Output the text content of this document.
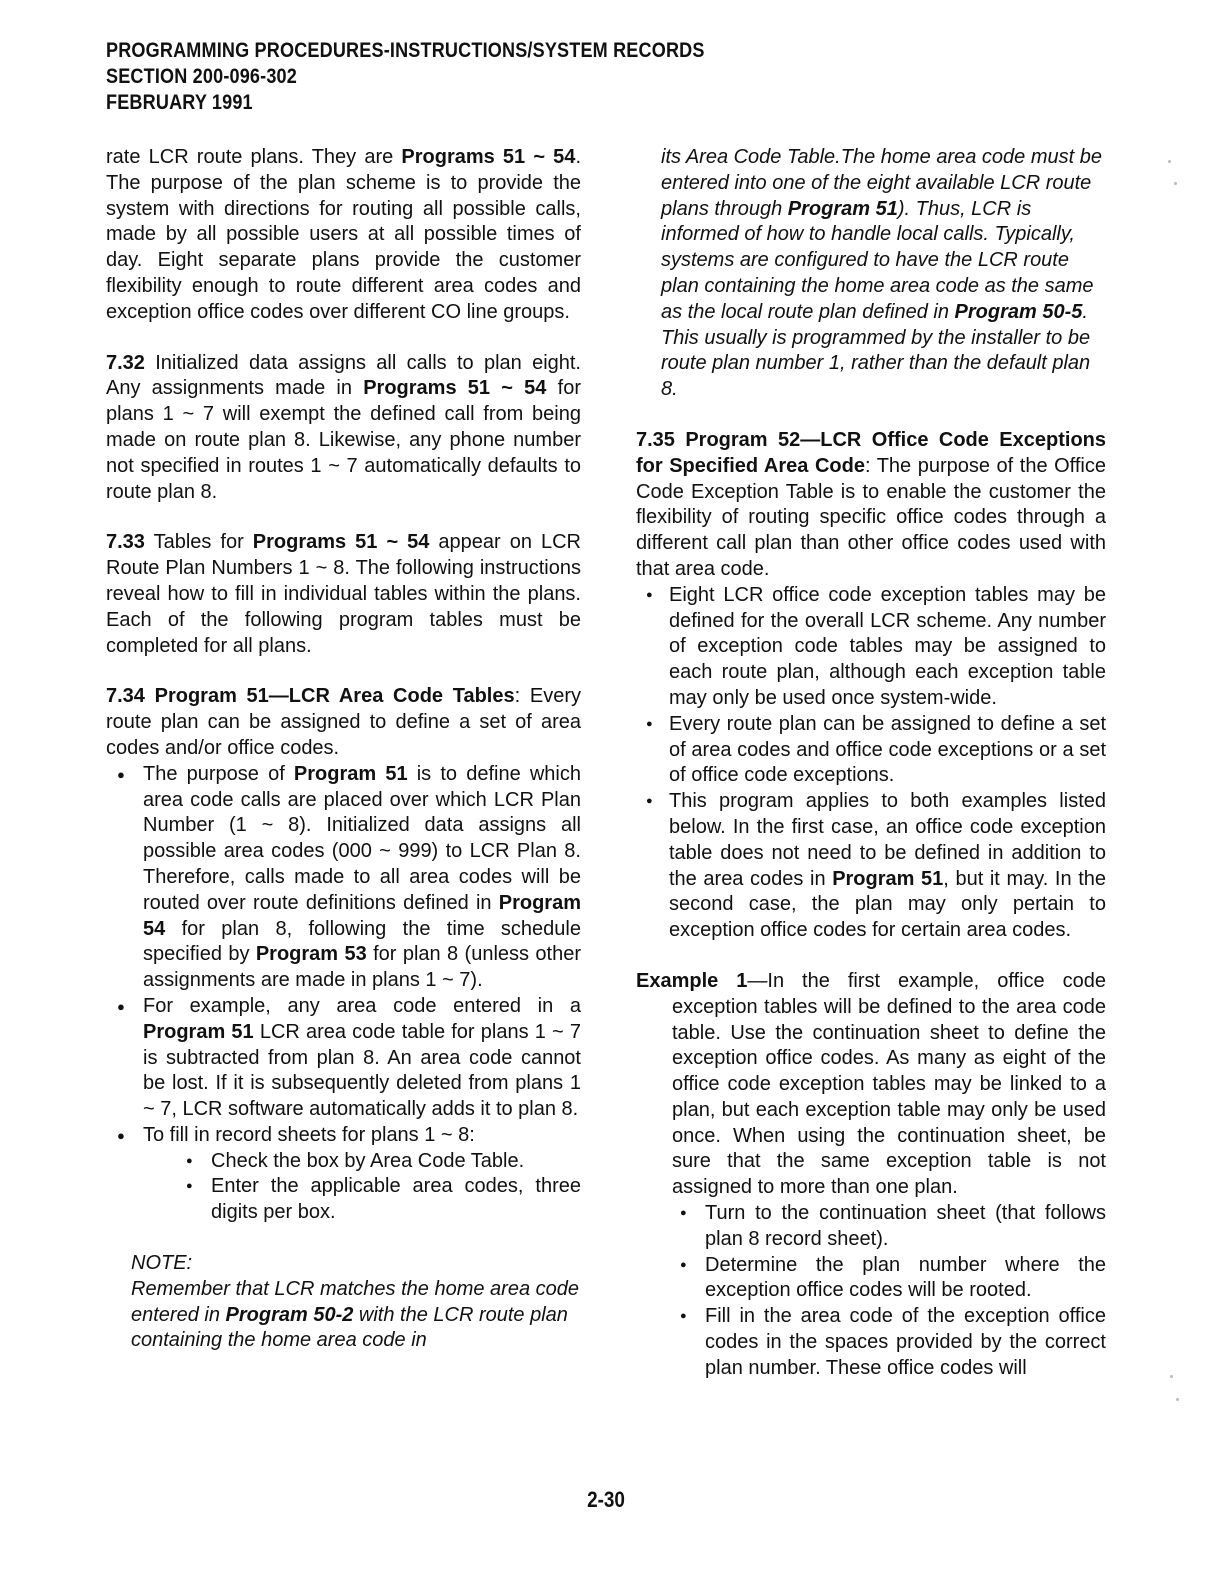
PROGRAMMING PROCEDURES-INSTRUCTIONS/SYSTEM RECORDS
SECTION 200-096-302
FEBRUARY 1991

rate LCR route plans. They are Programs 51 ~ 54. The purpose of the plan scheme is to provide the system with directions for routing all possible calls, made by all possible users at all possible times of day. Eight separate plans provide the customer flexibility enough to route different area codes and exception office codes over different CO line groups.

7.32 Initialized data assigns all calls to plan eight. Any assignments made in Programs 51 ~ 54 for plans 1 ~ 7 will exempt the defined call from being made on route plan 8. Likewise, any phone number not specified in routes 1 ~ 7 automatically defaults to route plan 8.

7.33 Tables for Programs 51 ~ 54 appear on LCR Route Plan Numbers 1 ~ 8. The following instructions reveal how to fill in individual tables within the plans. Each of the following program tables must be completed for all plans.

7.34 Program 51—LCR Area Code Tables: Every route plan can be assigned to define a set of area codes and/or office codes.

● The purpose of Program 51 is to define which area code calls are placed over which LCR Plan Number (1 ~ 8). Initialized data assigns all possible area codes (000 ~ 999) to LCR Plan 8. Therefore, calls made to all area codes will be routed over route definitions defined in Program 54 for plan 8, following the time schedule specified by Program 53 for plan 8 (unless other assignments are made in plans 1 ~ 7).
● For example, any area code entered in a Program 51 LCR area code table for plans 1 ~ 7 is subtracted from plan 8. An area code cannot be lost. If it is subsequently deleted from plans 1 ~ 7, LCR software automatically adds it to plan 8.
● To fill in record sheets for plans 1 ~ 8:
● Check the box by Area Code Table.
● Enter the applicable area codes, three digits per box.

NOTE:

Remember that LCR matches the home area code entered in Program 50-2 with the LCR route plan containing the home area code in

its Area Code Table.The home area code must be entered into one of the eight available LCR route plans through Program 51). Thus, LCR is informed of how to handle local calls. Typically, systems are configured to have the LCR route plan containing the home area code as the same as the local route plan defined in Program 50-5. This usually is programmed by the installer to be route plan number 1, rather than the default plan 8.

7.35 Program 52—LCR Office Code Exceptions for Specified Area Code: The purpose of the Office Code Exception Table is to enable the customer the flexibility of routing specific office codes through a different call plan than other office codes used with that area code.

● Eight LCR office code exception tables may be defined for the overall LCR scheme. Any number of exception code tables may be assigned to each route plan, although each exception table may only be used once system-wide.
● Every route plan can be assigned to define a set of area codes and office code exceptions or a set of office code exceptions.
● This program applies to both examples listed below. In the first case, an office code exception table does not need to be defined in addition to the area codes in Program 51, but it may. In the second case, the plan may only pertain to exception office codes for certain area codes.

Example 1—In the first example, office code exception tables will be defined to the area code table. Use the continuation sheet to define the exception office codes. As many as eight of the office code exception tables may be linked to a plan, but each exception table may only be used once. When using the continuation sheet, be sure that the same exception table is not assigned to more than one plan.

● Turn to the continuation sheet (that follows plan 8 record sheet).
● Determine the plan number where the exception office codes will be rooted.
● Fill in the area code of the exception office codes in the spaces provided by the correct plan number. These office codes will
2-30
